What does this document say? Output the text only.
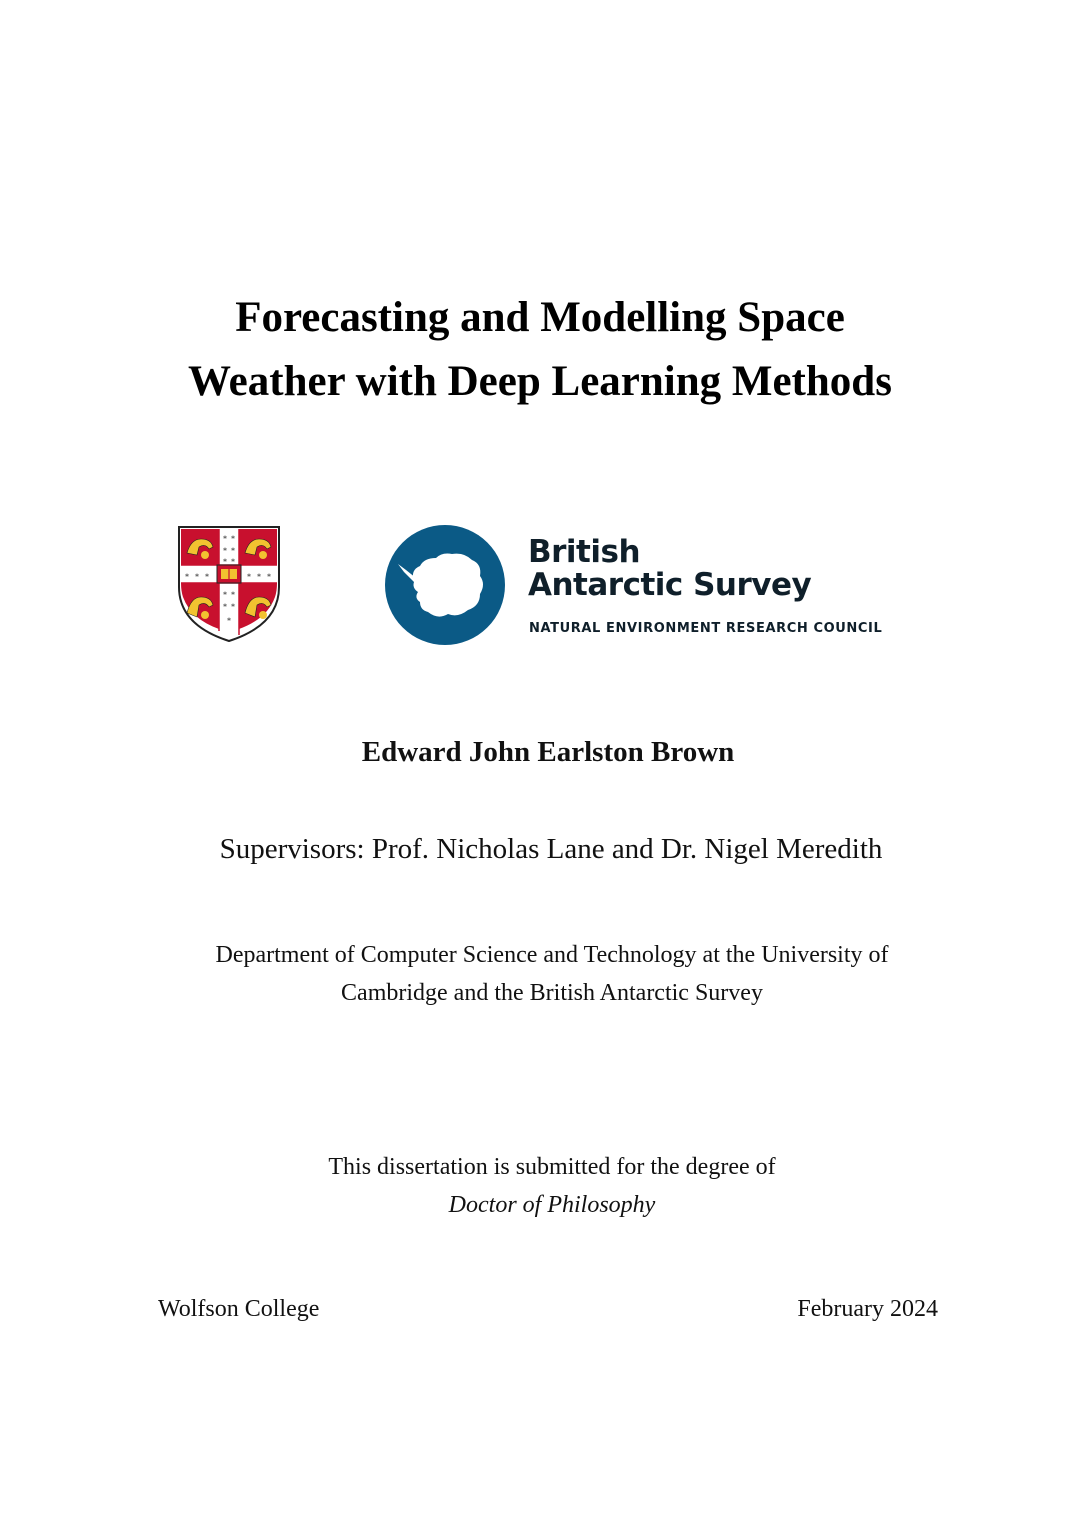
Forecasting and Modelling Space
Weather with Deep Learning Methods
⁎ ⁎
⁎ ⁎
⁎ ⁎
⁎ ⁎ ⁎	⁎ ⁎ ⁎
⁎ ⁎
⁎ ⁎
⁎
British
Antarctic Survey
NATURAL ENVIRONMENT RESEARCH COUNCIL
Edward John Earlston Brown
Supervisors: Prof. Nicholas Lane and Dr. Nigel Meredith
Department of Computer Science and Technology at the University of
Cambridge and the British Antarctic Survey
This dissertation is submitted for the degree of
Doctor of Philosophy
Wolfson College	February 2024
